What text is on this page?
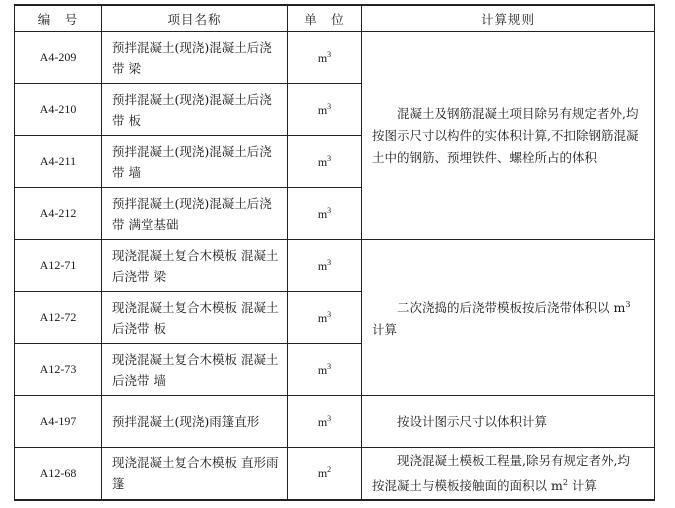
编　号	项目名称	单　位	计算规则
A4-209	预拌混凝土(现浇)混凝土后浇带 梁	$m^3$	混凝土及钢筋混凝土项目除另有规定者外,均按图示尺寸以构件的实体积计算,不扣除钢筋混凝土中的钢筋、预埋铁件、螺栓所占的体积

A4-210	预拌混凝土(现浇)混凝土后浇带 板	$m^3$
A4-211	预拌混凝土(现浇)混凝土后浇带 墙	$m^3$
A4-212	预拌混凝土(现浇)混凝土后浇带 满堂基础	$m^3$
A12-71	现浇混凝土复合木模板 混凝土后浇带 梁	$m^3$	二次浇捣的后浇带模板按后浇带体积以 $m^3$计算

A12-72	现浇混凝土复合木模板 混凝土后浇带 板	$m^3$
A12-73	现浇混凝土复合木模板 混凝土后浇带 墙	$m^3$
A4-197	预拌混凝土(现浇)雨篷直形	$m^3$	按设计图示尺寸以体积计算

A12-68	现浇混凝土复合木模板 直形雨篷	$m^2$	现浇混凝土模板工程量,除另有规定者外,均按混凝土与模板接触面的面积以 $m^2$ 计算
